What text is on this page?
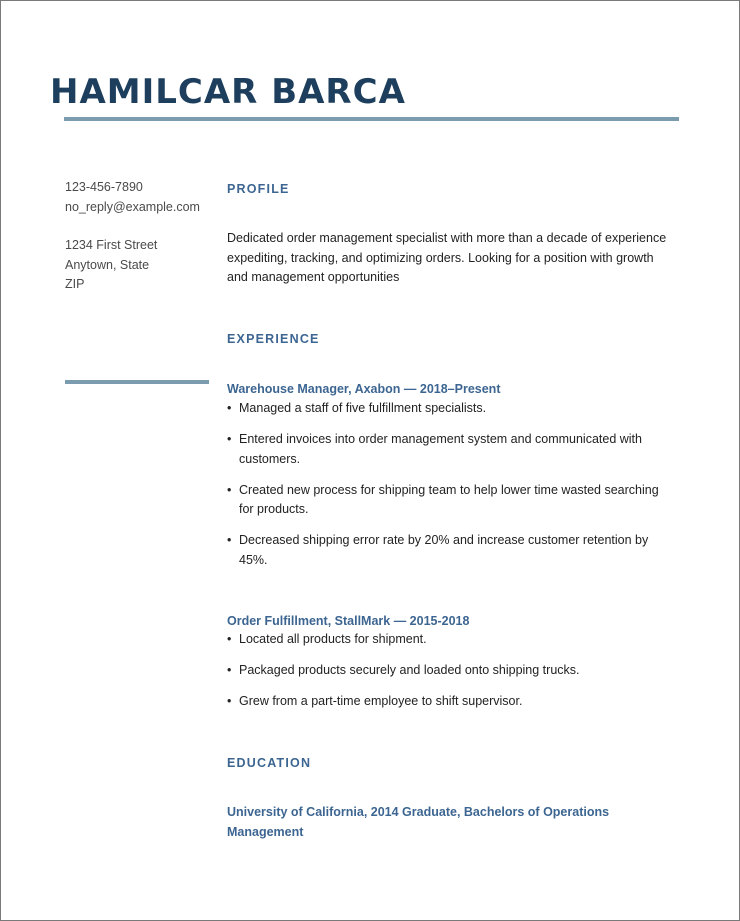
HAMILCAR BARCA
123-456-7890
no_reply@example.com
1234 First Street
Anytown, State
ZIP
PROFILE
Dedicated order management specialist with more than a decade of experience expediting, tracking, and optimizing orders. Looking for a position with growth and management opportunities
EXPERIENCE
Warehouse Manager, Axabon — 2018–Present
• Managed a staff of five fulfillment specialists.
• Entered invoices into order management system and communicated with customers.
• Created new process for shipping team to help lower time wasted searching for products.
• Decreased shipping error rate by 20% and increase customer retention by 45%.
Order Fulfillment, StallMark — 2015-2018
• Located all products for shipment.
• Packaged products securely and loaded onto shipping trucks.
• Grew from a part-time employee to shift supervisor.
EDUCATION
University of California, 2014 Graduate, Bachelors of Operations Management
